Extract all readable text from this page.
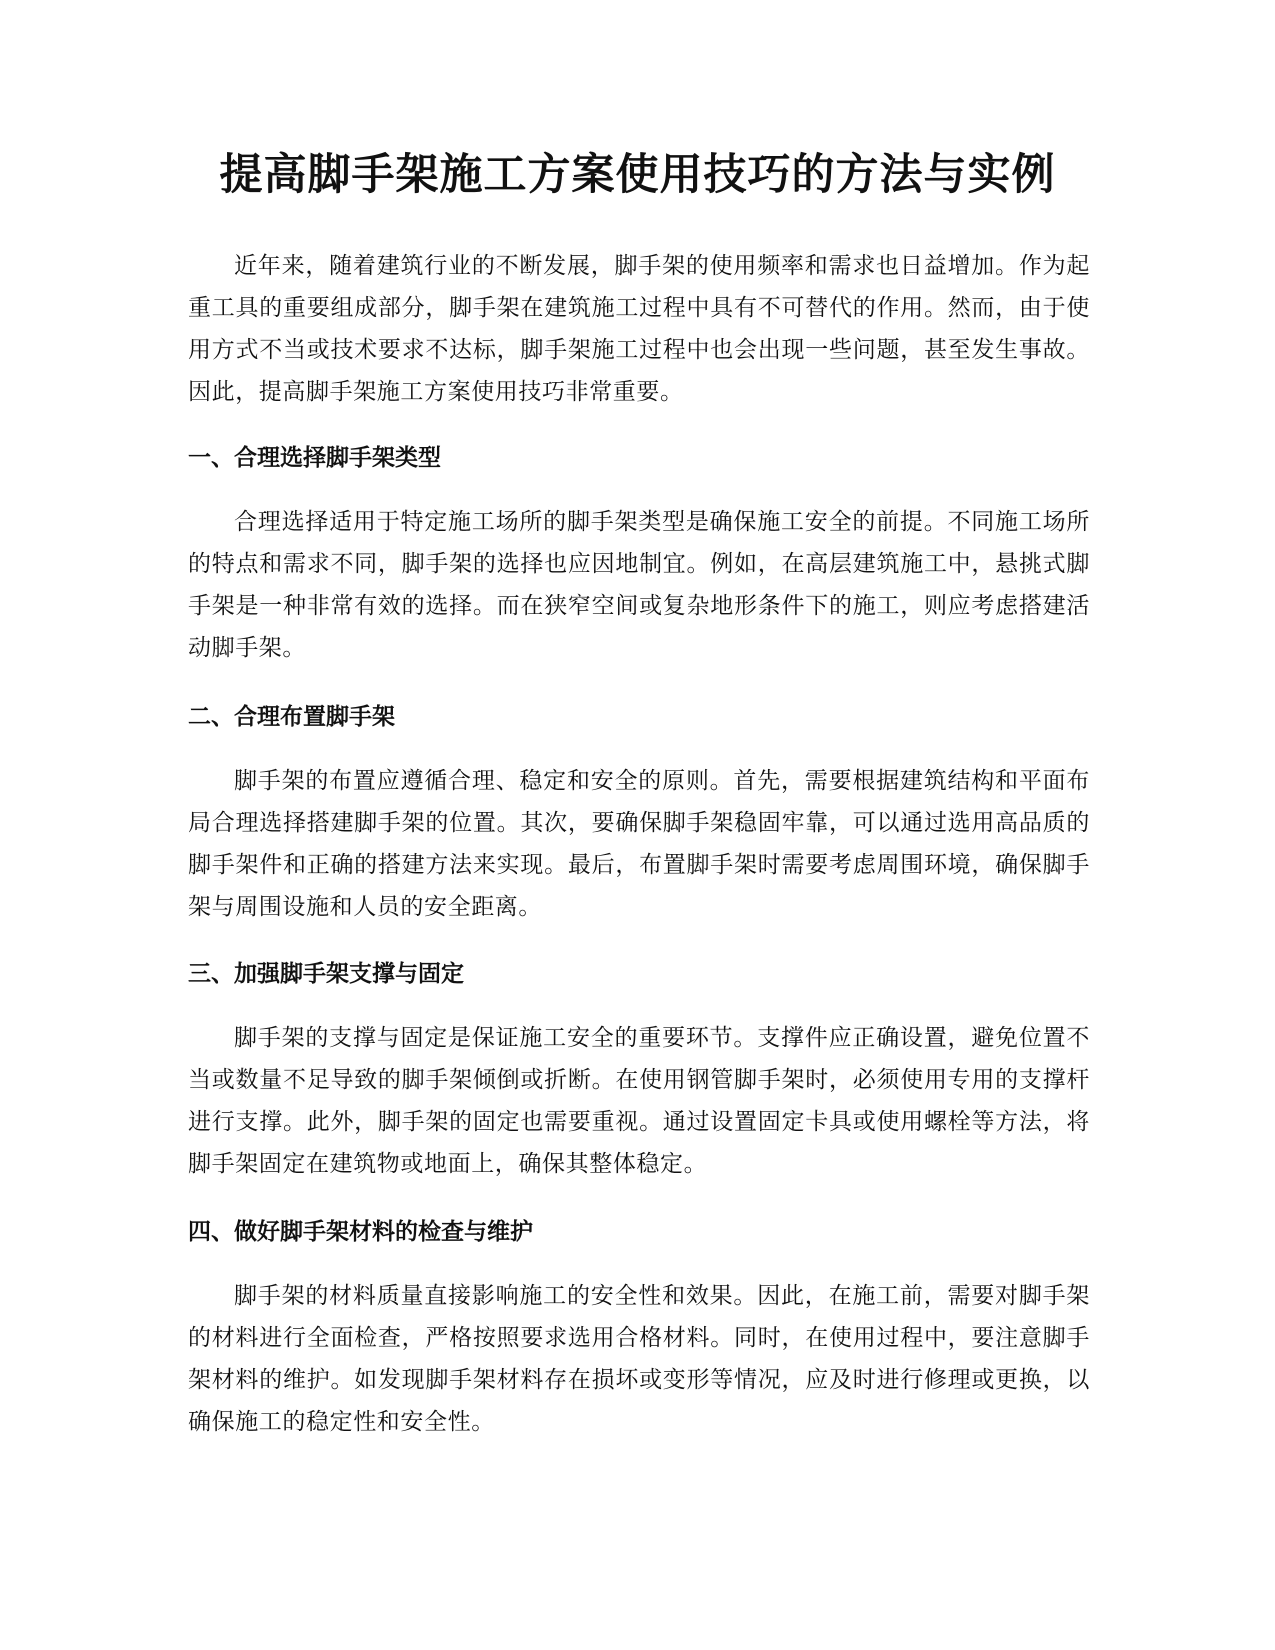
提高脚手架施工方案使用技巧的方法与实例

近年来，随着建筑行业的不断发展，脚手架的使用频率和需求也日益增加。作为起重工具的重要组成部分，脚手架在建筑施工过程中具有不可替代的作用。然而，由于使用方式不当或技术要求不达标，脚手架施工过程中也会出现一些问题，甚至发生事故。因此，提高脚手架施工方案使用技巧非常重要。

一、合理选择脚手架类型

合理选择适用于特定施工场所的脚手架类型是确保施工安全的前提。不同施工场所的特点和需求不同，脚手架的选择也应因地制宜。例如，在高层建筑施工中，悬挑式脚手架是一种非常有效的选择。而在狭窄空间或复杂地形条件下的施工，则应考虑搭建活动脚手架。

二、合理布置脚手架

脚手架的布置应遵循合理、稳定和安全的原则。首先，需要根据建筑结构和平面布局合理选择搭建脚手架的位置。其次，要确保脚手架稳固牢靠，可以通过选用高品质的脚手架件和正确的搭建方法来实现。最后，布置脚手架时需要考虑周围环境，确保脚手架与周围设施和人员的安全距离。

三、加强脚手架支撑与固定

脚手架的支撑与固定是保证施工安全的重要环节。支撑件应正确设置，避免位置不当或数量不足导致的脚手架倾倒或折断。在使用钢管脚手架时，必须使用专用的支撑杆进行支撑。此外，脚手架的固定也需要重视。通过设置固定卡具或使用螺栓等方法，将脚手架固定在建筑物或地面上，确保其整体稳定。

四、做好脚手架材料的检查与维护

脚手架的材料质量直接影响施工的安全性和效果。因此，在施工前，需要对脚手架的材料进行全面检查，严格按照要求选用合格材料。同时，在使用过程中，要注意脚手架材料的维护。如发现脚手架材料存在损坏或变形等情况，应及时进行修理或更换，以确保施工的稳定性和安全性。
